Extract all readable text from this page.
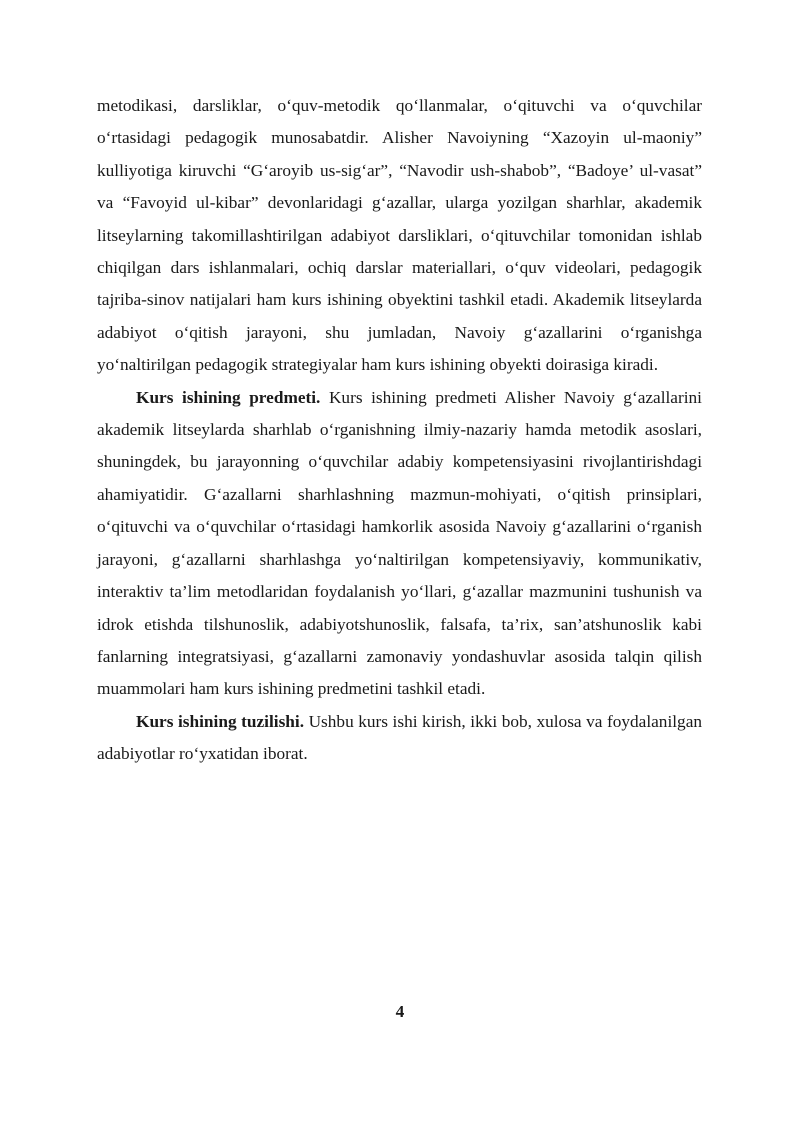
metodikasi, darsliklar, o‘quv-metodik qo‘llanmalar, o‘qituvchi va o‘quvchilar o‘rtasidagi pedagogik munosabatdir. Alisher Navoiyning “Xazoyin ul-maoniy” kulliyotiga kiruvchi “G‘aroyib us-sig‘ar”, “Navodir ush-shabob”, “Badoye’ ul-vasat” va “Favoyid ul-kibar” devonlaridagi g‘azallar, ularga yozilgan sharhlar, akademik litseylarning takomillashtirilgan adabiyot darsliklari, o‘qituvchilar tomonidan ishlab chiqilgan dars ishlanmalari, ochiq darslar materiallari, o‘quv videolari, pedagogik tajriba-sinov natijalari ham kurs ishining obyektini tashkil etadi. Akademik litseylarda adabiyot o‘qitish jarayoni, shu jumladan, Navoiy g‘azallarini o‘rganishga yo‘naltirilgan pedagogik strategiyalar ham kurs ishining obyekti doirasiga kiradi.

Kurs ishining predmeti. Kurs ishining predmeti Alisher Navoiy g‘azallarini akademik litseylarda sharhlab o‘rganishning ilmiy-nazariy hamda metodik asoslari, shuningdek, bu jarayonning o‘quvchilar adabiy kompetensiyasini rivojlantirishdagi ahamiyatidir. G‘azallarni sharhlashning mazmun-mohiyati, o‘qitish prinsiplari, o‘qituvchi va o‘quvchilar o‘rtasidagi hamkorlik asosida Navoiy g‘azallarini o‘rganish jarayoni, g‘azallarni sharhlashga yo‘naltirilgan kompetensiyaviy, kommunikativ, interaktiv ta’lim metodlaridan foydalanish yo‘llari, g‘azallar mazmunini tushunish va idrok etishda tilshunoslik, adabiyotshunoslik, falsafa, ta’rix, san’atshunoslik kabi fanlarning integratsiyasi, g‘azallarni zamonaviy yondashuvlar asosida talqin qilish muammolari ham kurs ishining predmetini tashkil etadi.

Kurs ishining tuzilishi. Ushbu kurs ishi kirish, ikki bob, xulosa va foydalanilgan adabiyotlar ro‘yxatidan iborat.

4
